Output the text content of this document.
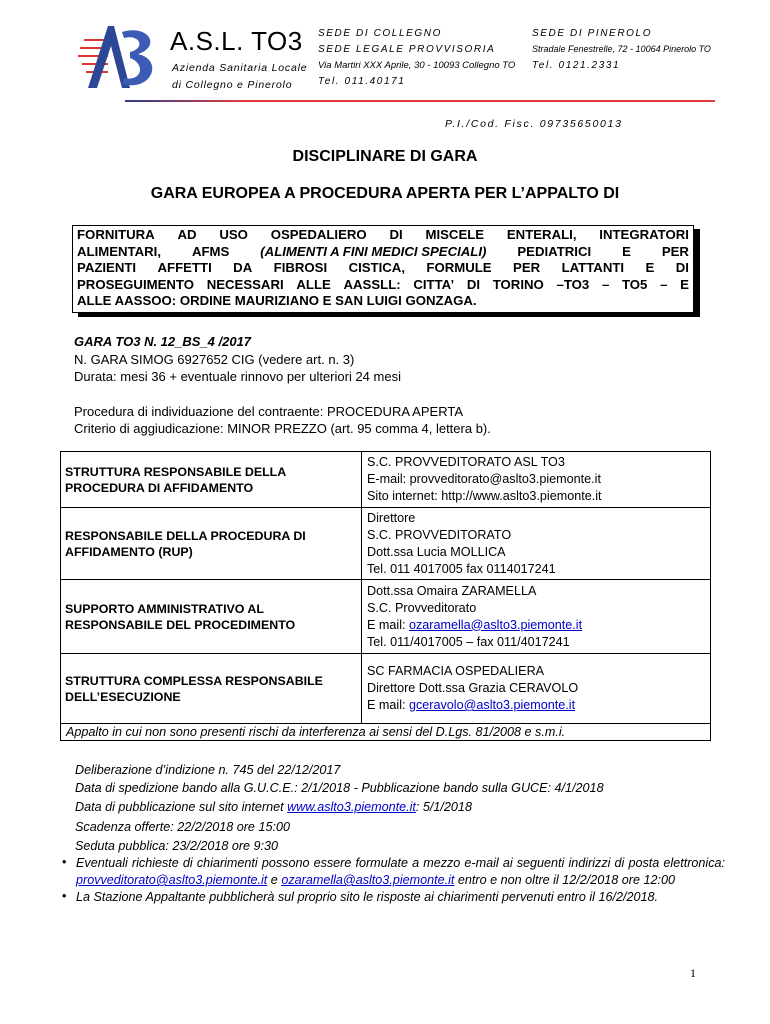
A3
A.S.L. TO3
Azienda Sanitaria Locale
di Collegno e Pinerolo
SEDE DI COLLEGNO
SEDE LEGALE PROVVISORIA
Via Martiri XXX Aprile, 30 - 10093 Collegno TO
Tel. 011.40171
SEDE DI PINEROLO
Stradale Fenestrelle, 72 - 10064 Pinerolo TO
Tel. 0121.2331
P.I./Cod. Fisc. 09735650013
DISCIPLINARE DI GARA
GARA EUROPEA A PROCEDURA APERTA PER L’APPALTO DI
FORNITURA AD USO OSPEDALIERO DI MISCELE ENTERALI, INTEGRATORI
ALIMENTARI, AFMS (ALIMENTI A FINI MEDICI SPECIALI) PEDIATRICI E PER
PAZIENTI AFFETTI DA FIBROSI CISTICA, FORMULE PER LATTANTI E DI
PROSEGUIMENTO NECESSARI ALLE AASSLL: CITTA’ DI TORINO –TO3 – TO5 – E
ALLE AASSOO: ORDINE MAURIZIANO E SAN LUIGI GONZAGA.
GARA TO3 N. 12_BS_4 /2017
N. GARA SIMOG 6927652 CIG (vedere art. n. 3)
Durata: mesi 36 + eventuale rinnovo per ulteriori 24 mesi
Procedura di individuazione del contraente: PROCEDURA APERTA
Criterio di aggiudicazione: MINOR PREZZO (art. 95 comma 4, lettera b).
STRUTTURA RESPONSABILE DELLA PROCEDURA DI AFFIDAMENTO	S.C. PROVVEDITORATO ASL TO3
E-mail: provveditorato@aslto3.piemonte.it
Sito internet: http://www.aslto3.piemonte.it

RESPONSABILE DELLA PROCEDURA DI AFFIDAMENTO (RUP)	Direttore
S.C. PROVVEDITORATO
Dott.ssa Lucia MOLLICA
Tel. 011 4017005 fax 0114017241

SUPPORTO AMMINISTRATIVO AL RESPONSABILE DEL PROCEDIMENTO	Dott.ssa Omaira ZARAMELLA
S.C. Provveditorato
E mail: ozaramella@aslto3.piemonte.it
Tel. 011/4017005 – fax 011/4017241

STRUTTURA COMPLESSA RESPONSABILE DELL’ESECUZIONE	SC FARMACIA OSPEDALIERA
Direttore Dott.ssa Grazia CERAVOLO
E mail: gceravolo@aslto3.piemonte.it

Appalto in cui non sono presenti rischi da interferenza ai sensi del D.Lgs. 81/2008 e s.m.i.	
Deliberazione d’indizione n. 745 del 22/12/2017
Data di spedizione bando alla G.U.C.E.: 2/1/2018 - Pubblicazione bando sulla GUCE: 4/1/2018
Data di pubblicazione sul sito internet www.aslto3.piemonte.it: 5/1/2018
Scadenza offerte: 22/2/2018 ore 15:00
Seduta pubblica: 23/2/2018 ore 9:30
• Eventuali richieste di chiarimenti possono essere formulate a mezzo e-mail ai seguenti indirizzi di posta elettronica: provveditorato@aslto3.piemonte.it e ozaramella@aslto3.piemonte.it entro e non oltre il 12/2/2018 ore 12:00
• La Stazione Appaltante pubblicherà sul proprio sito le risposte ai chiarimenti pervenuti entro il 16/2/2018.
1
